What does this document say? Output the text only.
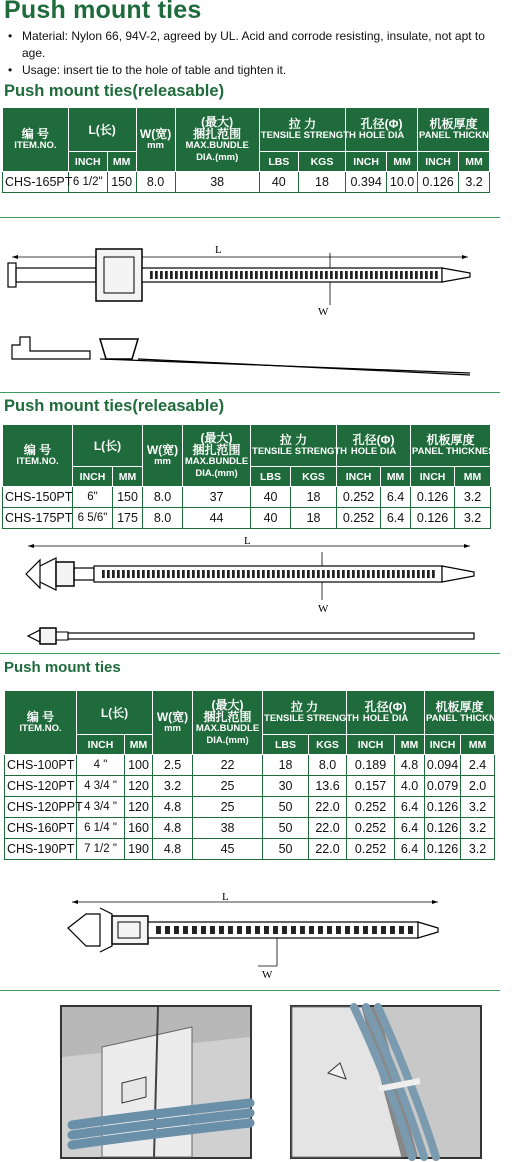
Push mount ties
• Material: Nylon 66, 94V-2, agreed by UL. Acid and corrode resisting, insulate, not apt to age.
• Usage: insert tie to the hole of table and tighten it.
Push mount ties(releasable)
编 号
ITEM.NO.	L(长)		W(宽)
mm	(最大)
捆扎范围
MAX.BUNDLE
DIA.(mm)	拉 力
TENSILE STRENGTH		孔径(Φ)
HOLE DIA		机板厚度
PANEL THICKNESS	

	INCH	MM			LBS	KGS	INCH	MM	INCH	MM
CHS-165PT	6 1/2"	150	8.0	38	40	18	0.394	10.0	0.126	3.2
L
W
Push mount ties(releasable)
编 号
ITEM.NO.	L(长)		W(宽)
mm	(最大)
捆扎范围
MAX.BUNDLE
DIA.(mm)	拉 力
TENSILE STRENGTH		孔径(Φ)
HOLE DIA		机板厚度
PANEL THICKNESS	

	INCH	MM			LBS	KGS	INCH	MM	INCH	MM
CHS-150PT	6"	150	8.0	37	40	18	0.252	6.4	0.126	3.2
CHS-175PT	6 5/6"	175	8.0	44	40	18	0.252	6.4	0.126	3.2
L
W
Push mount ties
编 号
ITEM.NO.	L(长)		W(宽)
mm	(最大)
捆扎范围
MAX.BUNDLE
DIA.(mm)	拉 力
TENSILE STRENGTH		孔径(Φ)
HOLE DIA		机板厚度
PANEL THICKNESS	

	INCH	MM			LBS	KGS	INCH	MM	INCH	MM
CHS-100PT	4 "	100	2.5	22	18	8.0	0.189	4.8	0.094	2.4
CHS-120PT	4 3/4 "	120	3.2	25	30	13.6	0.157	4.0	0.079	2.0
CHS-120PPT	4 3/4 "	120	4.8	25	50	22.0	0.252	6.4	0.126	3.2
CHS-160PT	6 1/4 "	160	4.8	38	50	22.0	0.252	6.4	0.126	3.2
CHS-190PT	7 1/2 "	190	4.8	45	50	22.0	0.252	6.4	0.126	3.2
L
W
